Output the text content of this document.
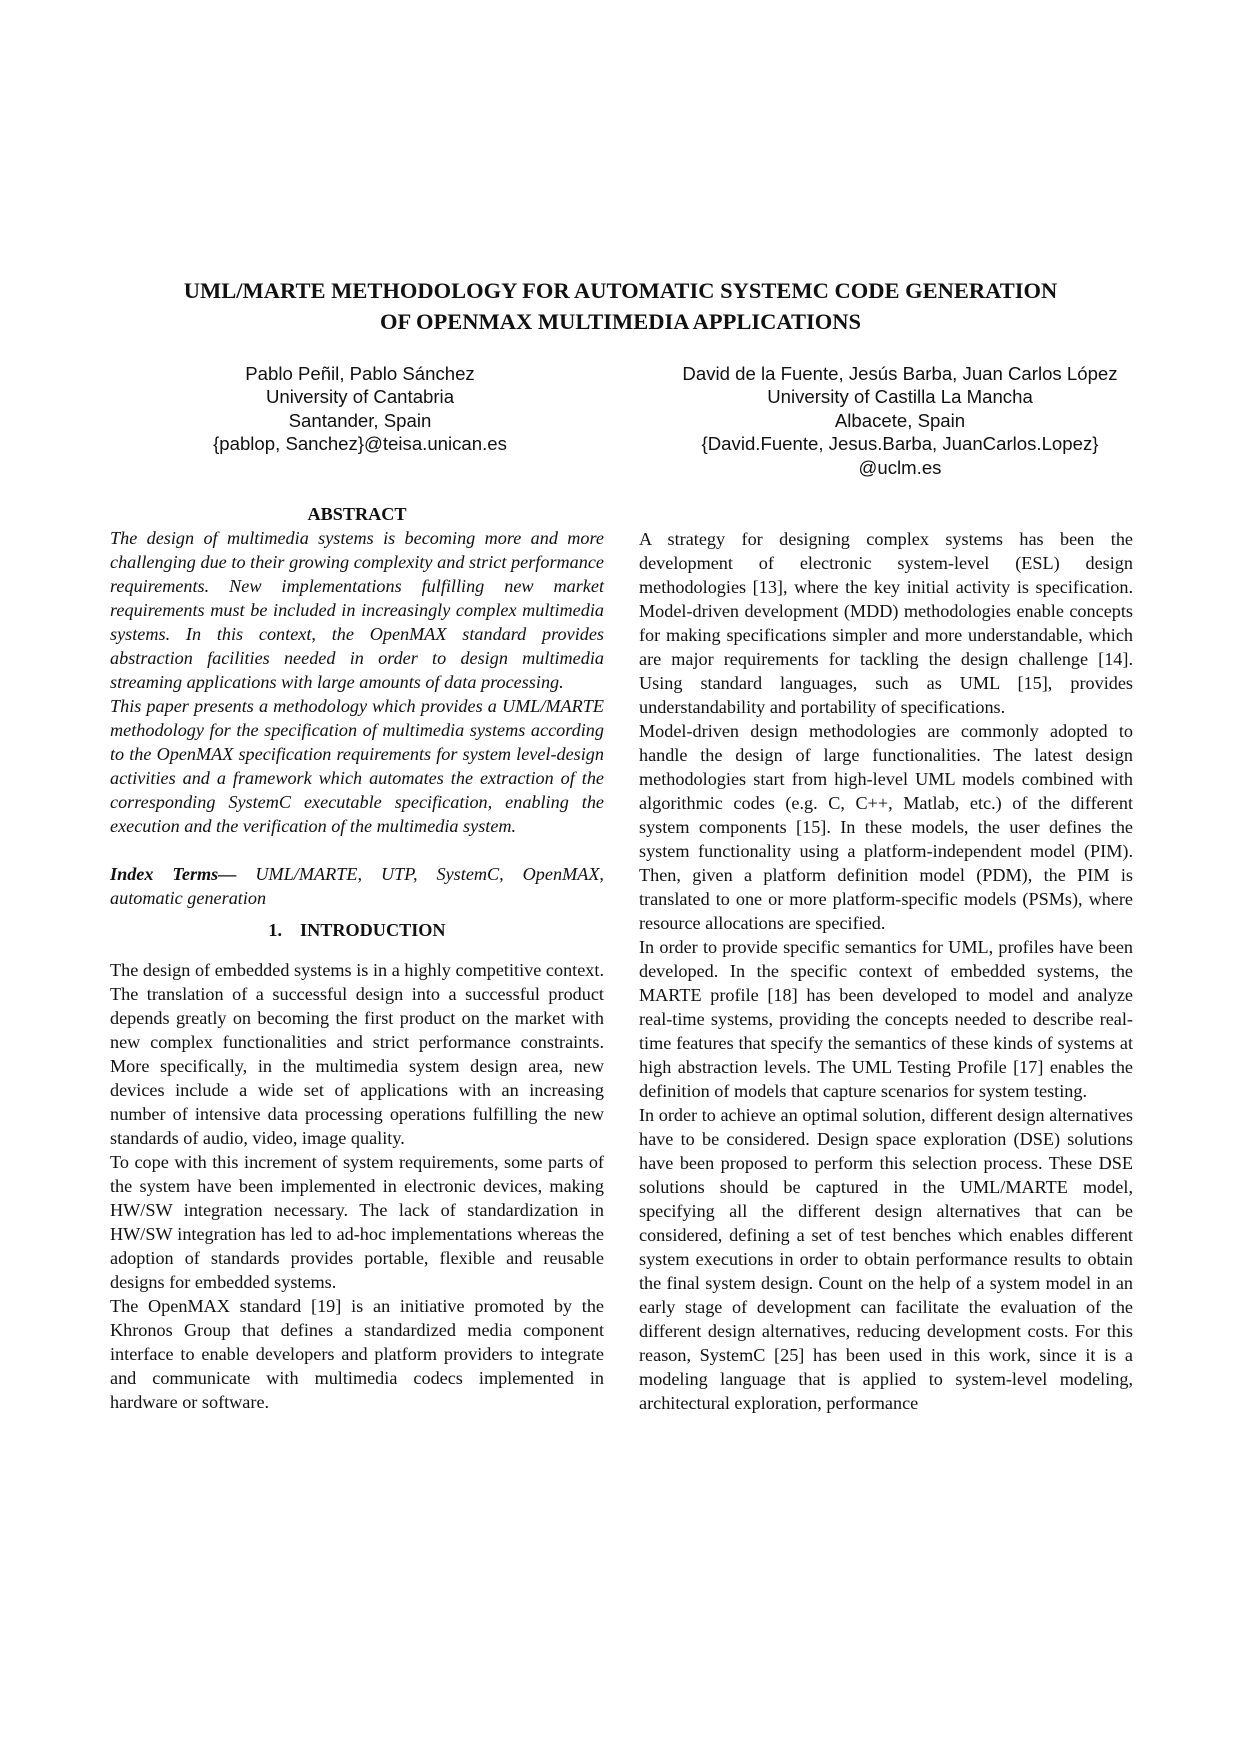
UML/MARTE METHODOLOGY FOR AUTOMATIC SYSTEMC CODE GENERATION
OF OPENMAX MULTIMEDIA APPLICATIONS
Pablo Peñil, Pablo Sánchez
University of Cantabria
Santander, Spain
{pablop, Sanchez}@teisa.unican.es
David de la Fuente, Jesús Barba, Juan Carlos López
University of Castilla La Mancha
Albacete, Spain
{David.Fuente, Jesus.Barba, JuanCarlos.Lopez}
@uclm.es

ABSTRACT

The design of multimedia systems is becoming more and more challenging due to their growing complexity and strict performance requirements. New implementations fulfilling new market requirements must be included in increasingly complex multimedia systems. In this context, the OpenMAX standard provides abstraction facilities needed in order to design multimedia streaming applications with large amounts of data processing.

This paper presents a methodology which provides a UML/MARTE methodology for the specification of multimedia systems according to the OpenMAX specification requirements for system level-design activities and a framework which automates the extraction of the corresponding SystemC executable specification, enabling the execution and the verification of the multimedia system.

Index Terms— UML/MARTE, UTP, SystemC, OpenMAX, automatic generation

1. INTRODUCTION

The design of embedded systems is in a highly competitive context. The translation of a successful design into a successful product depends greatly on becoming the first product on the market with new complex functionalities and strict performance constraints. More specifically, in the multimedia system design area, new devices include a wide set of applications with an increasing number of intensive data processing operations fulfilling the new standards of audio, video, image quality.

To cope with this increment of system requirements, some parts of the system have been implemented in electronic devices, making HW/SW integration necessary. The lack of standardization in HW/SW integration has led to ad-hoc implementations whereas the adoption of standards provides portable, flexible and reusable designs for embedded systems.

The OpenMAX standard [19] is an initiative promoted by the Khronos Group that defines a standardized media component interface to enable developers and platform providers to integrate and communicate with multimedia codecs implemented in hardware or software.

A strategy for designing complex systems has been the development of electronic system-level (ESL) design methodologies [13], where the key initial activity is specification. Model-driven development (MDD) methodologies enable concepts for making specifications simpler and more understandable, which are major requirements for tackling the design challenge [14]. Using standard languages, such as UML [15], provides understandability and portability of specifications.

Model-driven design methodologies are commonly adopted to handle the design of large functionalities. The latest design methodologies start from high-level UML models combined with algorithmic codes (e.g. C, C++, Matlab, etc.) of the different system components [15]. In these models, the user defines the system functionality using a platform-independent model (PIM). Then, given a platform definition model (PDM), the PIM is translated to one or more platform-specific models (PSMs), where resource allocations are specified.

In order to provide specific semantics for UML, profiles have been developed. In the specific context of embedded systems, the MARTE profile [18] has been developed to model and analyze real-time systems, providing the concepts needed to describe real-time features that specify the semantics of these kinds of systems at high abstraction levels. The UML Testing Profile [17] enables the definition of models that capture scenarios for system testing.

In order to achieve an optimal solution, different design alternatives have to be considered. Design space exploration (DSE) solutions have been proposed to perform this selection process. These DSE solutions should be captured in the UML/MARTE model, specifying all the different design alternatives that can be considered, defining a set of test benches which enables different system executions in order to obtain performance results to obtain the final system design. Count on the help of a system model in an early stage of development can facilitate the evaluation of the different design alternatives, reducing development costs. For this reason, SystemC [25] has been used in this work, since it is a modeling language that is applied to system-level modeling, architectural exploration, performance
